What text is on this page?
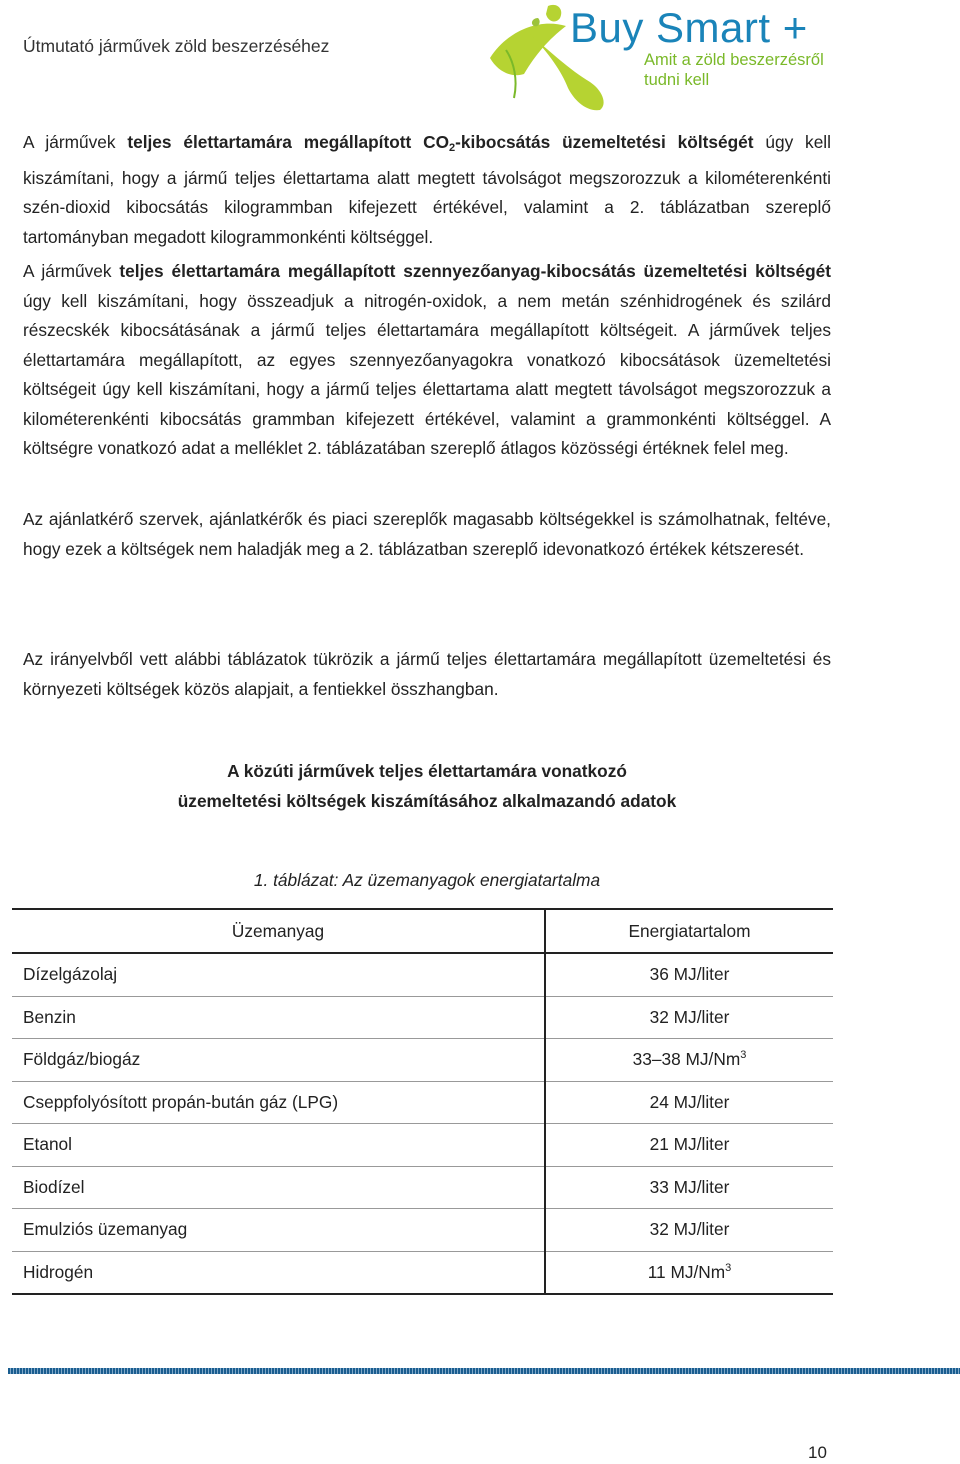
Útmutató járművek zöld beszerzéséhez	Buy Smart +
Amit a zöld beszerzésről
tudni kell

A járművek teljes élettartamára megállapított $CO_2$-kibocsátás üzemeltetési költségét úgy kell kiszámítani, hogy a jármű teljes élettartama alatt megtett távolságot megszorozzuk a kilométerenkénti szén-dioxid kibocsátás kilogrammban kifejezett értékével, valamint a 2. táblázatban szereplő tartományban megadott kilogrammonkénti költséggel.

A járművek teljes élettartamára megállapított szennyezőanyag-kibocsátás üzemeltetési költségét úgy kell kiszámítani, hogy összeadjuk a nitrogén-oxidok, a nem metán szénhidrogének és szilárd részecskék kibocsátásának a jármű teljes élettartamára megállapított költségeit. A járművek teljes élettartamára megállapított, az egyes szennyezőanyagokra vonatkozó kibocsátások üzemeltetési költségeit úgy kell kiszámítani, hogy a jármű teljes élettartama alatt megtett távolságot megszorozzuk a kilométerenkénti kibocsátás grammban kifejezett értékével, valamint a grammonkénti költséggel. A költségre vonatkozó adat a melléklet 2. táblázatában szereplő átlagos közösségi értéknek felel meg.

Az ajánlatkérő szervek, ajánlatkérők és piaci szereplők magasabb költségekkel is számolhatnak, feltéve, hogy ezek a költségek nem haladják meg a 2. táblázatban szereplő idevonatkozó értékek kétszeresét.

Az irányelvből vett alábbi táblázatok tükrözik a jármű teljes élettartamára megállapított üzemeltetési és környezeti költségek közös alapjait, a fentiekkel összhangban.

A közúti járművek teljes élettartamára vonatkozó
üzemeltetési költségek kiszámításához alkalmazandó adatok
1. táblázat: Az üzemanyagok energiatartalma
Üzemanyag	Energiatartalom
Dízelgázolaj	36 MJ/liter
Benzin	32 MJ/liter
Földgáz/biogáz	33–38 MJ/Nm$^3$
Cseppfolyósított propán-bután gáz (LPG)	24 MJ/liter
Etanol	21 MJ/liter
Biodízel	33 MJ/liter
Emulziós üzemanyag	32 MJ/liter
Hidrogén	11 MJ/Nm$^3$
10
